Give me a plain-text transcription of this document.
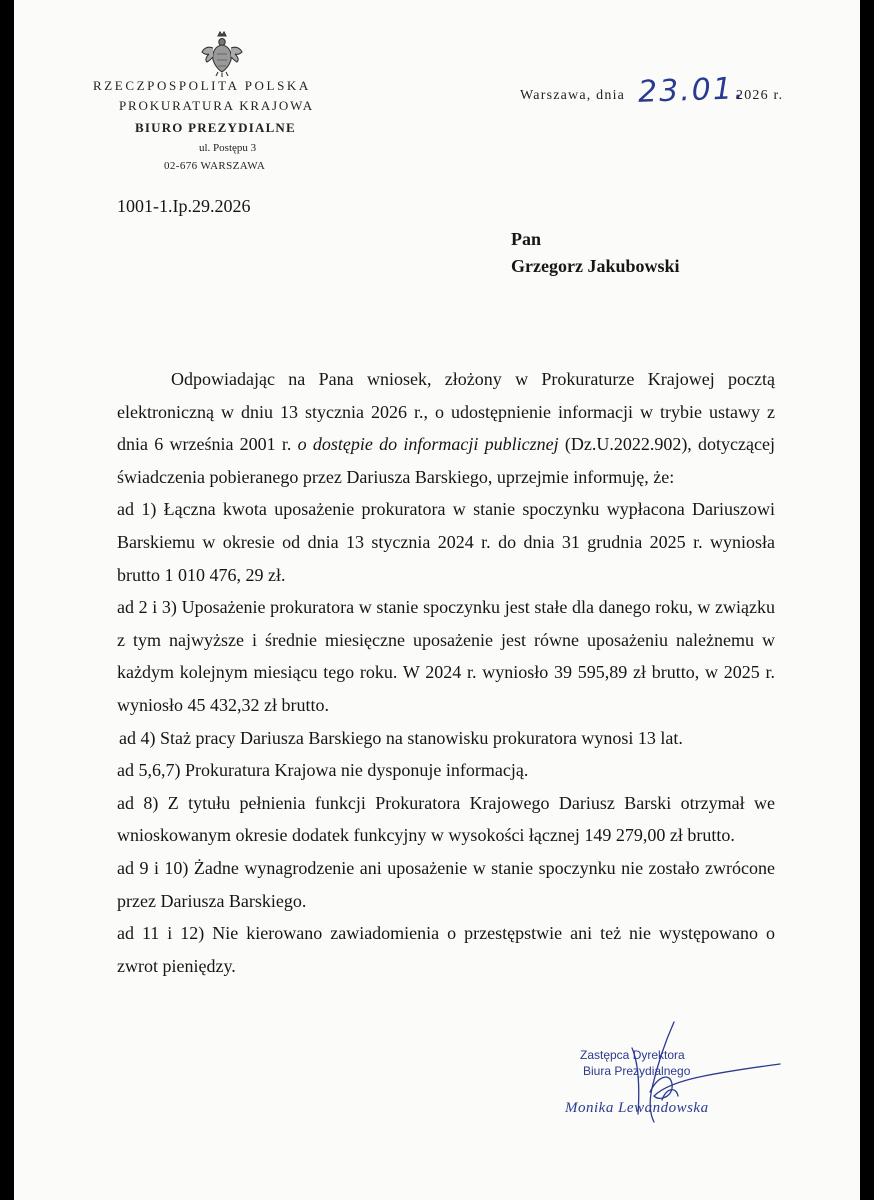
RZECZPOSPOLITA POLSKA
PROKURATURA KRAJOWA
BIURO PREZYDIALNE
ul. Postępu 3
02-676 WARSZAWA
Warszawa, dnia 23.01.
2026 r.
1001-1.Ip.29.2026
Pan
Grzegorz Jakubowski

Odpowiadając na Pana wniosek, złożony w Prokuraturze Krajowej pocztą elektroniczną w dniu 13 stycznia 2026 r., o udostępnienie informacji w trybie ustawy z dnia 6 września 2001 r. o dostępie do informacji publicznej (Dz.U.2022.902), dotyczącej świadczenia pobieranego przez Dariusza Barskiego, uprzejmie informuję, że:

ad 1) Łączna kwota uposażenie prokuratora w stanie spoczynku wypłacona Dariuszowi Barskiemu w okresie od dnia 13 stycznia 2024 r. do dnia 31 grudnia 2025 r. wyniosła brutto 1 010 476, 29 zł.

ad 2 i 3) Uposażenie prokuratora w stanie spoczynku jest stałe dla danego roku, w związku z tym najwyższe i średnie miesięczne uposażenie jest równe uposażeniu należnemu w każdym kolejnym miesiącu tego roku. W 2024 r. wyniosło 39 595,89 zł brutto, w 2025 r. wyniosło 45 432,32 zł brutto.

ad 4) Staż pracy Dariusza Barskiego na stanowisku prokuratora wynosi 13 lat.

ad 5,6,7) Prokuratura Krajowa nie dysponuje informacją.

ad 8) Z tytułu pełnienia funkcji Prokuratora Krajowego Dariusz Barski otrzymał we wnioskowanym okresie dodatek funkcyjny w wysokości łącznej 149 279,00 zł brutto.

ad 9 i 10) Żadne wynagrodzenie ani uposażenie w stanie spoczynku nie zostało zwrócone przez Dariusza Barskiego.

ad 11 i 12) Nie kierowano zawiadomienia o przestępstwie ani też nie występowano o zwrot pieniędzy.

Zastępca Dyrektora
Biura Prezydialnego
Monika Lewandowska
